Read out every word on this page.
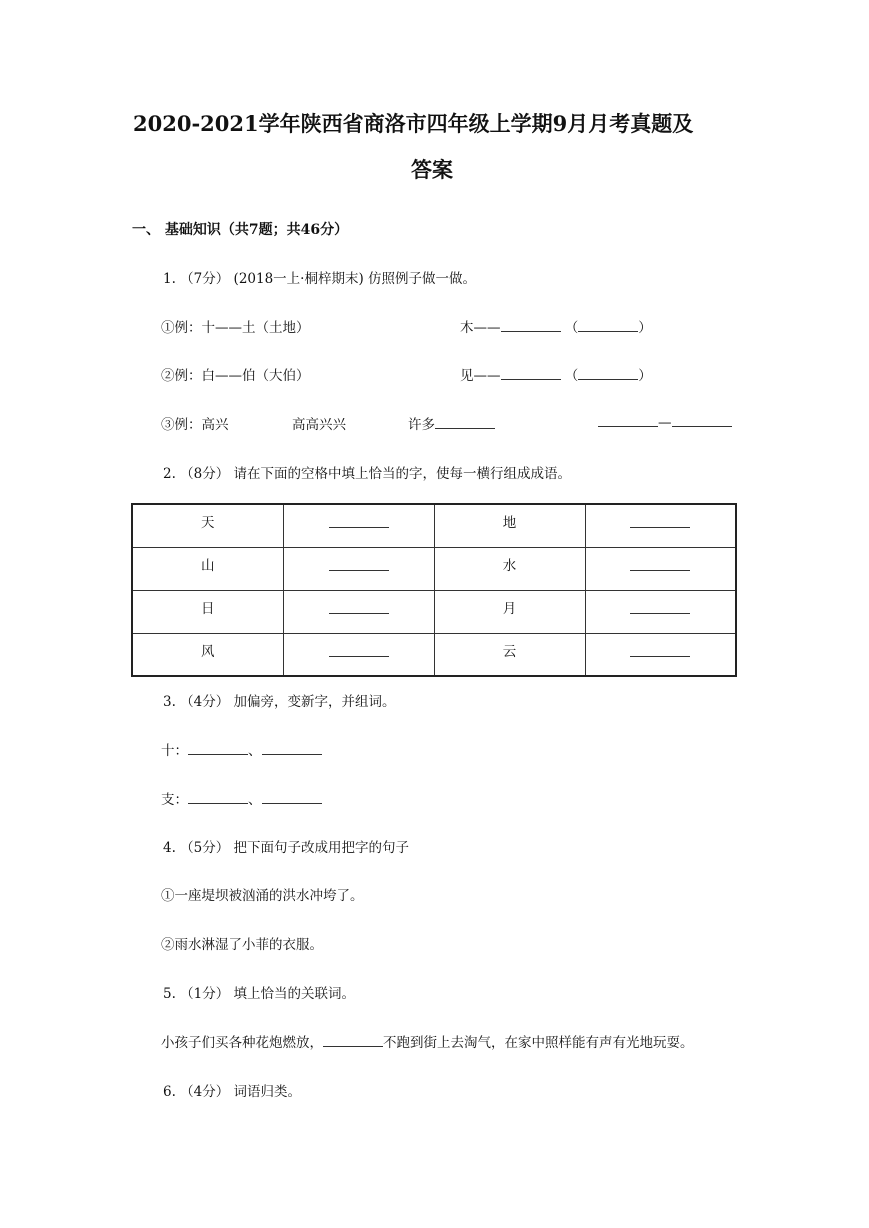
2020-2021学年陕西省商洛市四年级上学期9月月考真题及
答案
一、 基础知识（共7题；共46分）
1. （7分） (2018一上·桐梓期末) 仿照例子做一做。
①例：十——土（土地）	木——	（	）
②例：白——伯（大伯）	见——	（	）
③例：高兴	高高兴兴	许多	—
2. （8分） 请在下面的空格中填上恰当的字，使每一横行组成成语。
天		地	
山		水	
日		月	
风		云	
3. （4分） 加偏旁，变新字，并组词。
十：	、
支：	、
4. （5分） 把下面句子改成用把字的句子
①一座堤坝被汹涌的洪水冲垮了。
②雨水淋湿了小菲的衣服。
5. （1分） 填上恰当的关联词。
小孩子们买各种花炮燃放，	不跑到街上去淘气，在家中照样能有声有光地玩耍。
6. （4分） 词语归类。
